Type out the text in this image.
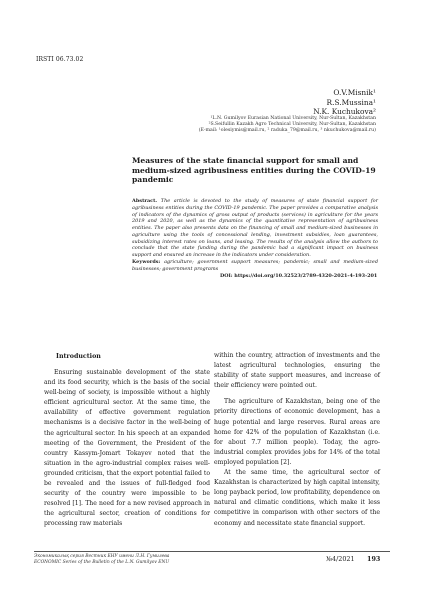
IRSTI 06.73.02
O.V.Misnik¹
R.S.Mussina¹
N.K. Kuchukova²
¹L.N. Gumilyov Eurasian National University, Nur-Sultan, Kazakhstan
²S.Seifullin Kazakh Agro Technical University, Nur-Sultan, Kazakhstan
(E-mail: ¹olesiymis@mail.ru, ² raduka_79@mail.ru, ³ nkuchukova@mail.ru)
Measures of the state financial support for small and medium-sized agribusiness entities during the COVID-19 pandemic

Abstract. The article is devoted to the study of measures of state financial support for agribusiness entities during the COVID-19 pandemic. The paper provides a comparative analysis of indicators of the dynamics of gross output of products (services) in agriculture for the years 2019 and 2020, as well as the dynamics of the quantitative representation of agribusiness entities. The paper also presents data on the financing of small and medium-sized businesses in agriculture using the tools of concessional lending, investment subsidies, loan guarantees, subsidizing interest rates on loans, and leasing. The results of the analysis allow the authors to conclude that the state funding during the pandemic had a significant impact on business support and ensured an increase in the indicators under consideration.

Keywords: agriculture; government support measures; pandemic; small and medium-sized businesses; government programs

DOI: https://doi.org/10.32523/2789-4320-2021-4-193-201
Introduction

Ensuring sustainable development of the state and its food security, which is the basis of the social well-being of society, is impossible without a highly efficient agricultural sector. At the same time, the availability of effective government regulation mechanisms is a decisive factor in the well-being of the agricultural sector. In his speech at an expanded meeting of the Government, the President of the country Kassym-Jomart Tokayev noted that the situation in the agro-industrial complex raises well-grounded criticism, that the export potential failed to be revealed and the issues of full-fledged food security of the country were impossible to be resolved [1]. The need for a new revised approach in the agricultural sector, creation of conditions for processing raw materials

within the country, attraction of investments and the latest agricultural technologies, ensuring the stability of state support measures, and increase of their efficiency were pointed out.

The agriculture of Kazakhstan, being one of the priority directions of economic development, has a huge potential and large reserves. Rural areas are home for 42% of the population of Kazakhstan (i.e. for about 7.7 million people). Today, the agro-industrial complex provides jobs for 14% of the total employed population [2].

At the same time, the agricultural sector of Kazakhstan is characterized by high capital intensity, long payback period, low profitability, dependence on natural and climatic conditions, which make it less competitive in comparison with other sectors of the economy and necessitate state financial support.

Экономикалық серия Вестник ЕНУ имени Л.Н. Гумилева
ECONOMIC Series of the Bulletin of the L.N. Gumilyov ENU	№4/2021 193
